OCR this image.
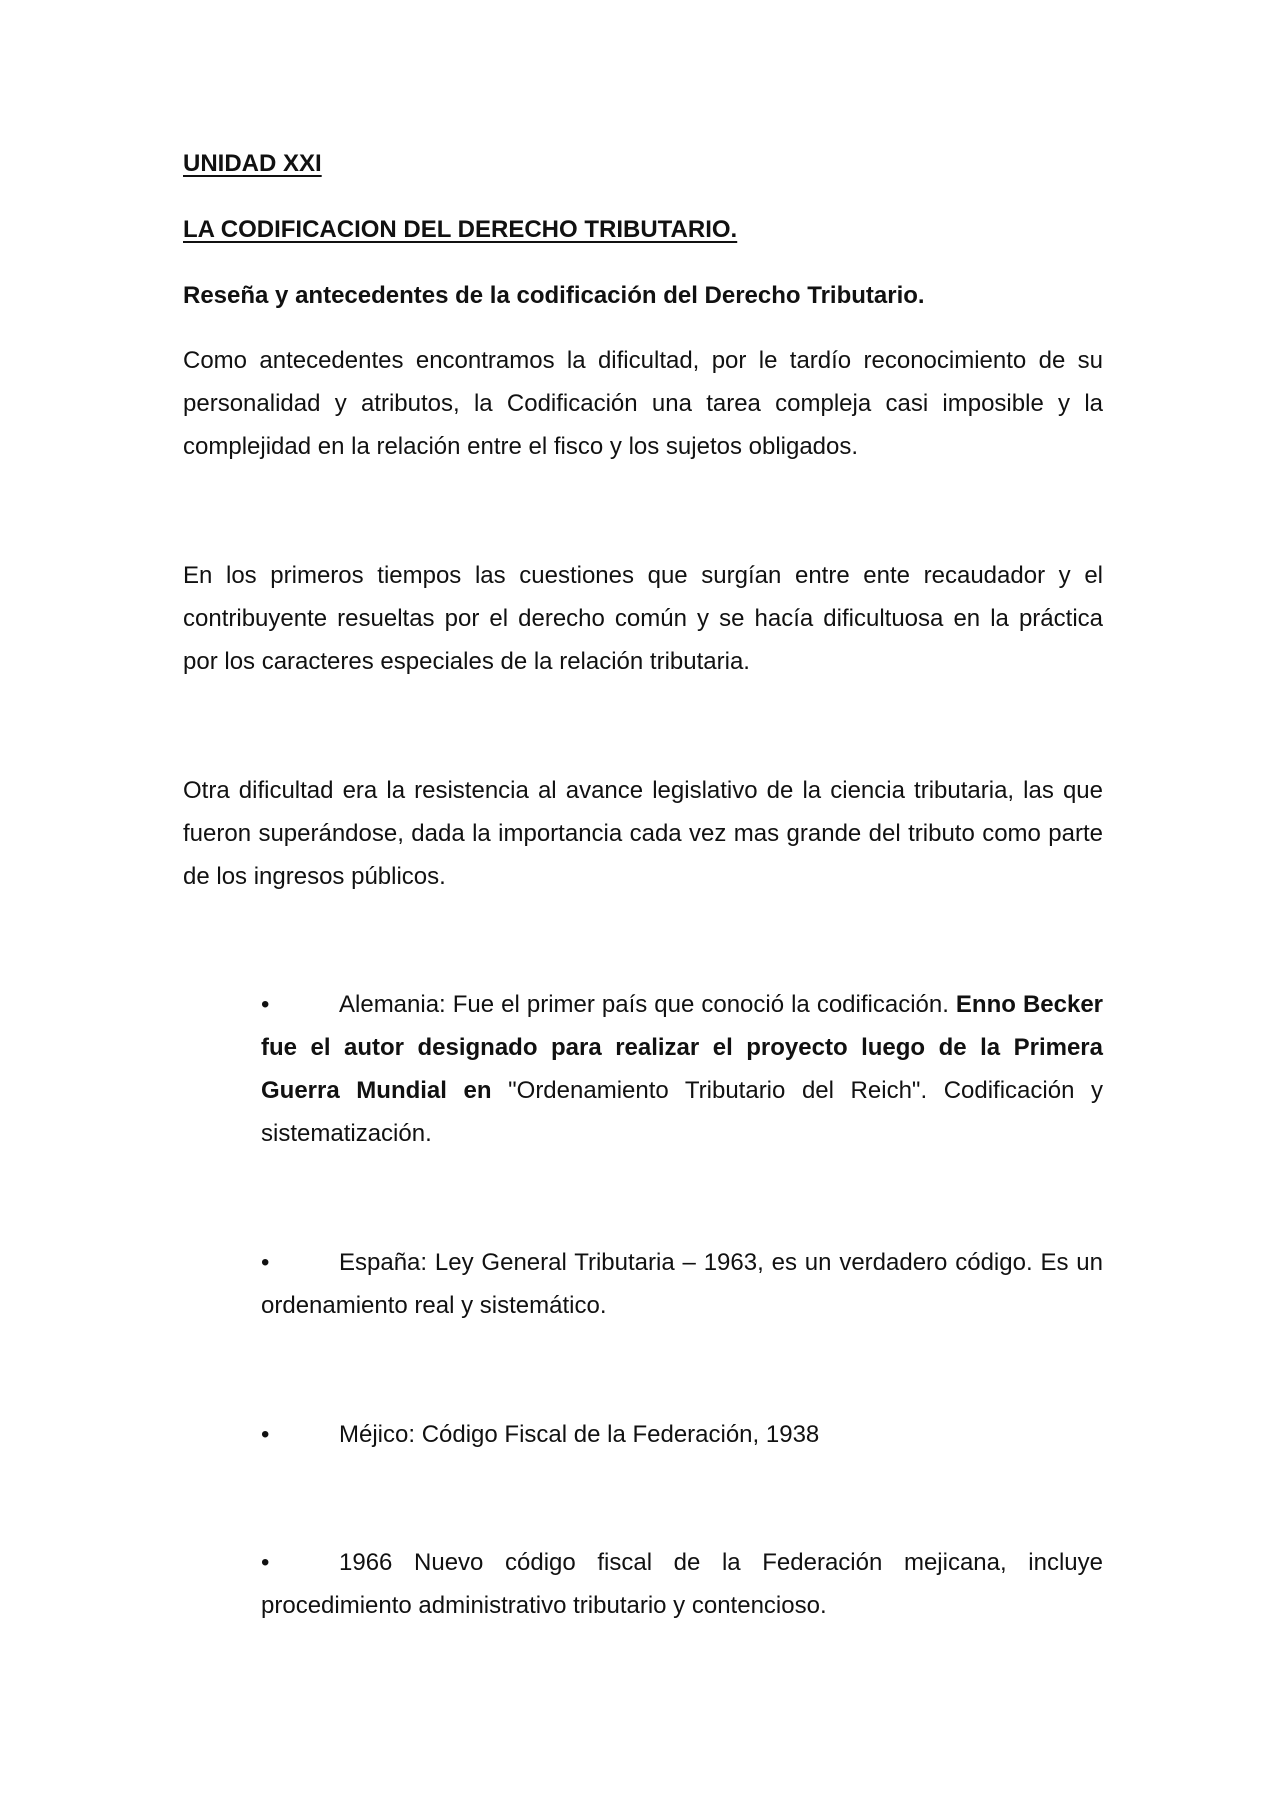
UNIDAD XXI
LA CODIFICACION DEL DERECHO TRIBUTARIO.
Reseña y antecedentes de la codificación del Derecho Tributario.

Como antecedentes encontramos la dificultad, por le tardío reconocimiento de su personalidad y atributos, la Codificación una tarea compleja casi imposible y la complejidad en la relación entre el fisco y los sujetos obligados.

En los primeros tiempos las cuestiones que surgían entre ente recaudador y el contribuyente resueltas por el derecho común y se hacía dificultuosa en la práctica por los caracteres especiales de la relación tributaria.

Otra dificultad era la resistencia al avance legislativo de la ciencia tributaria, las que fueron superándose, dada la importancia cada vez mas grande del tributo como parte de los ingresos públicos.

•	Alemania: Fue el primer país que conoció la codificación. Enno Becker fue el autor designado para realizar el proyecto luego de la Primera Guerra Mundial en "Ordenamiento Tributario del Reich". Codificación y sistematización.

•	España: Ley General Tributaria – 1963, es un verdadero código. Es un ordenamiento real y sistemático.

•	Méjico: Código Fiscal de la Federación, 1938

•	1966 Nuevo código fiscal de la Federación mejicana, incluye procedimiento administrativo tributario y contencioso.
